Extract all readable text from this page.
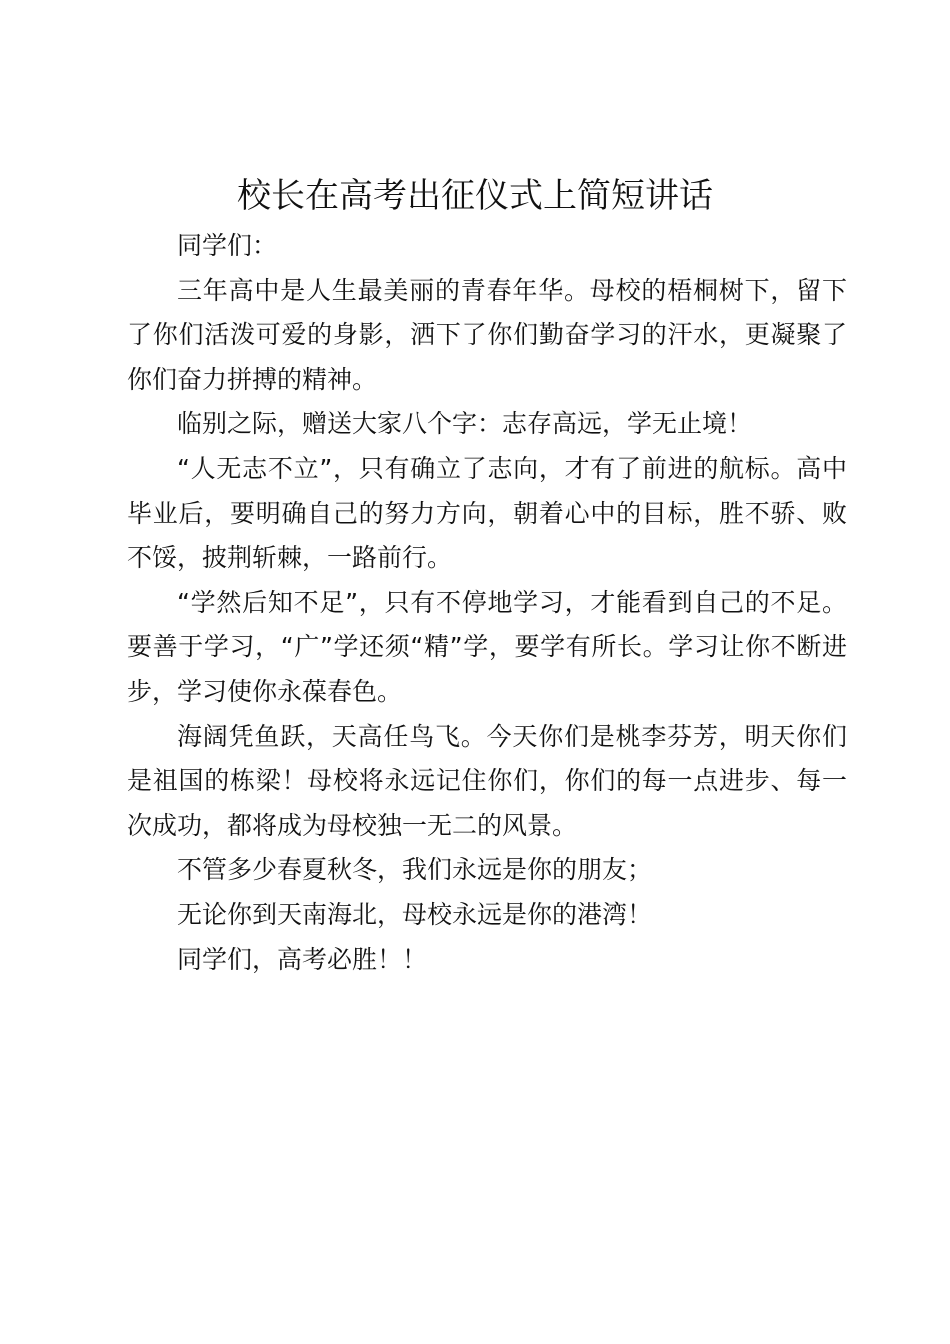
校长在高考出征仪式上简短讲话

同学们：

三年高中是人生最美丽的青春年华。母校的梧桐树下，留下了你们活泼可爱的身影，洒下了你们勤奋学习的汗水，更凝聚了你们奋力拼搏的精神。

临别之际，赠送大家八个字：志存高远，学无止境！

“人无志不立”，只有确立了志向，才有了前进的航标。高中毕业后，要明确自己的努力方向，朝着心中的目标，胜不骄、败不馁，披荆斩棘，一路前行。

“学然后知不足”，只有不停地学习，才能看到自己的不足。要善于学习，“广”学还须“精”学，要学有所长。学习让你不断进步，学习使你永葆春色。

海阔凭鱼跃，天高任鸟飞。今天你们是桃李芬芳，明天你们是祖国的栋梁！母校将永远记住你们，你们的每一点进步、每一次成功，都将成为母校独一无二的风景。

不管多少春夏秋冬，我们永远是你的朋友；

无论你到天南海北，母校永远是你的港湾！

同学们，高考必胜！！
